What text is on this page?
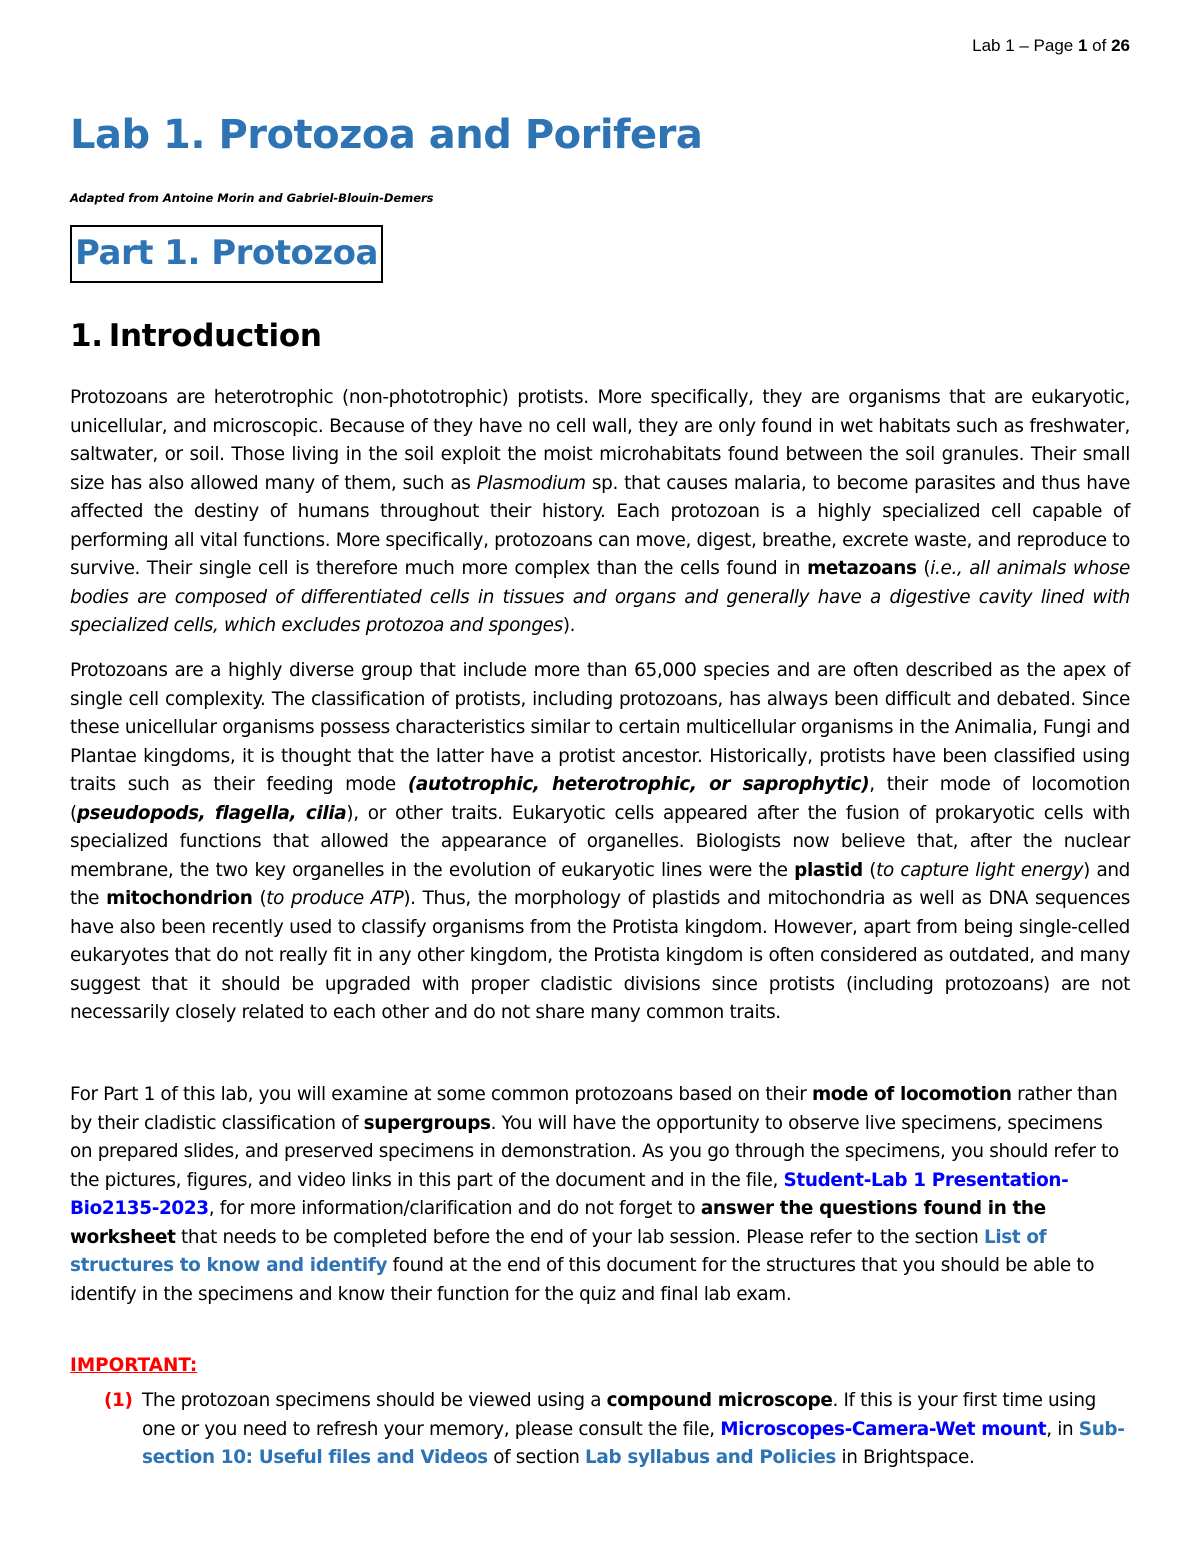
Lab 1 – Page 1 of 26
Lab 1. Protozoa and Porifera
Adapted from Antoine Morin and Gabriel-Blouin-Demers
Part 1. Protozoa
1. Introduction

Protozoans are heterotrophic (non-phototrophic) protists. More specifically, they are organisms that are eukaryotic, unicellular, and microscopic. Because of they have no cell wall, they are only found in wet habitats such as freshwater, saltwater, or soil. Those living in the soil exploit the moist microhabitats found between the soil granules. Their small size has also allowed many of them, such as Plasmodium sp. that causes malaria, to become parasites and thus have affected the destiny of humans throughout their history. Each protozoan is a highly specialized cell capable of performing all vital functions. More specifically, protozoans can move, digest, breathe, excrete waste, and reproduce to survive. Their single cell is therefore much more complex than the cells found in metazoans (i.e., all animals whose bodies are composed of differentiated cells in tissues and organs and generally have a digestive cavity lined with specialized cells, which excludes protozoa and sponges).

Protozoans are a highly diverse group that include more than 65,000 species and are often described as the apex of single cell complexity. The classification of protists, including protozoans, has always been difficult and debated. Since these unicellular organisms possess characteristics similar to certain multicellular organisms in the Animalia, Fungi and Plantae kingdoms, it is thought that the latter have a protist ancestor. Historically, protists have been classified using traits such as their feeding mode (autotrophic, heterotrophic, or saprophytic), their mode of locomotion (pseudopods, flagella, cilia), or other traits. Eukaryotic cells appeared after the fusion of prokaryotic cells with specialized functions that allowed the appearance of organelles. Biologists now believe that, after the nuclear membrane, the two key organelles in the evolution of eukaryotic lines were the plastid (to capture light energy) and the mitochondrion (to produce ATP). Thus, the morphology of plastids and mitochondria as well as DNA sequences have also been recently used to classify organisms from the Protista kingdom. However, apart from being single-celled eukaryotes that do not really fit in any other kingdom, the Protista kingdom is often considered as outdated, and many suggest that it should be upgraded with proper cladistic divisions since protists (including protozoans) are not necessarily closely related to each other and do not share many common traits.

For Part 1 of this lab, you will examine at some common protozoans based on their mode of locomotion rather than by their cladistic classification of supergroups. You will have the opportunity to observe live specimens, specimens on prepared slides, and preserved specimens in demonstration. As you go through the specimens, you should refer to the pictures, figures, and video links in this part of the document and in the file, Student-Lab 1 Presentation-Bio2135-2023, for more information/clarification and do not forget to answer the questions found in the worksheet that needs to be completed before the end of your lab session. Please refer to the section List of structures to know and identify found at the end of this document for the structures that you should be able to identify in the specimens and know their function for the quiz and final lab exam.

IMPORTANT:
(1) The protozoan specimens should be viewed using a compound microscope. If this is your first time using one or you need to refresh your memory, please consult the file, Microscopes-Camera-Wet mount, in Sub-section 10: Useful files and Videos of section Lab syllabus and Policies in Brightspace.
